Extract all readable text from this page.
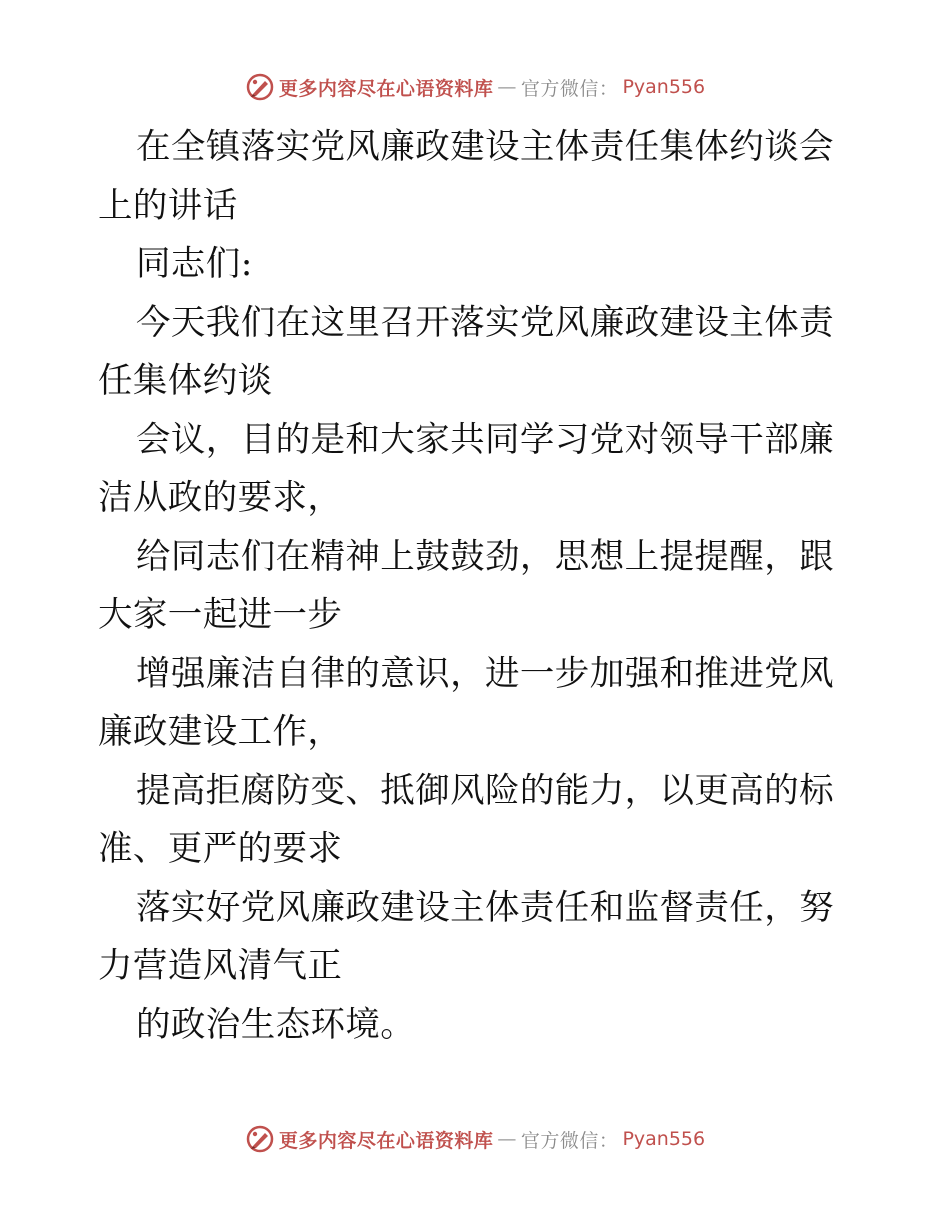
更多内容尽在心语资料库 — 官方微信： Pyan556

在全镇落实党风廉政建设主体责任集体约谈会上的讲话

同志们:

今天我们在这里召开落实党风廉政建设主体责任集体约谈

会议，目的是和大家共同学习党对领导干部廉洁从政的要求，

给同志们在精神上鼓鼓劲，思想上提提醒，跟大家一起进一步

增强廉洁自律的意识，进一步加强和推进党风廉政建设工作，

提高拒腐防变、抵御风险的能力，以更高的标准、更严的要求

落实好党风廉政建设主体责任和监督责任，努力营造风清气正

的政治生态环境。

更多内容尽在心语资料库 — 官方微信： Pyan556
